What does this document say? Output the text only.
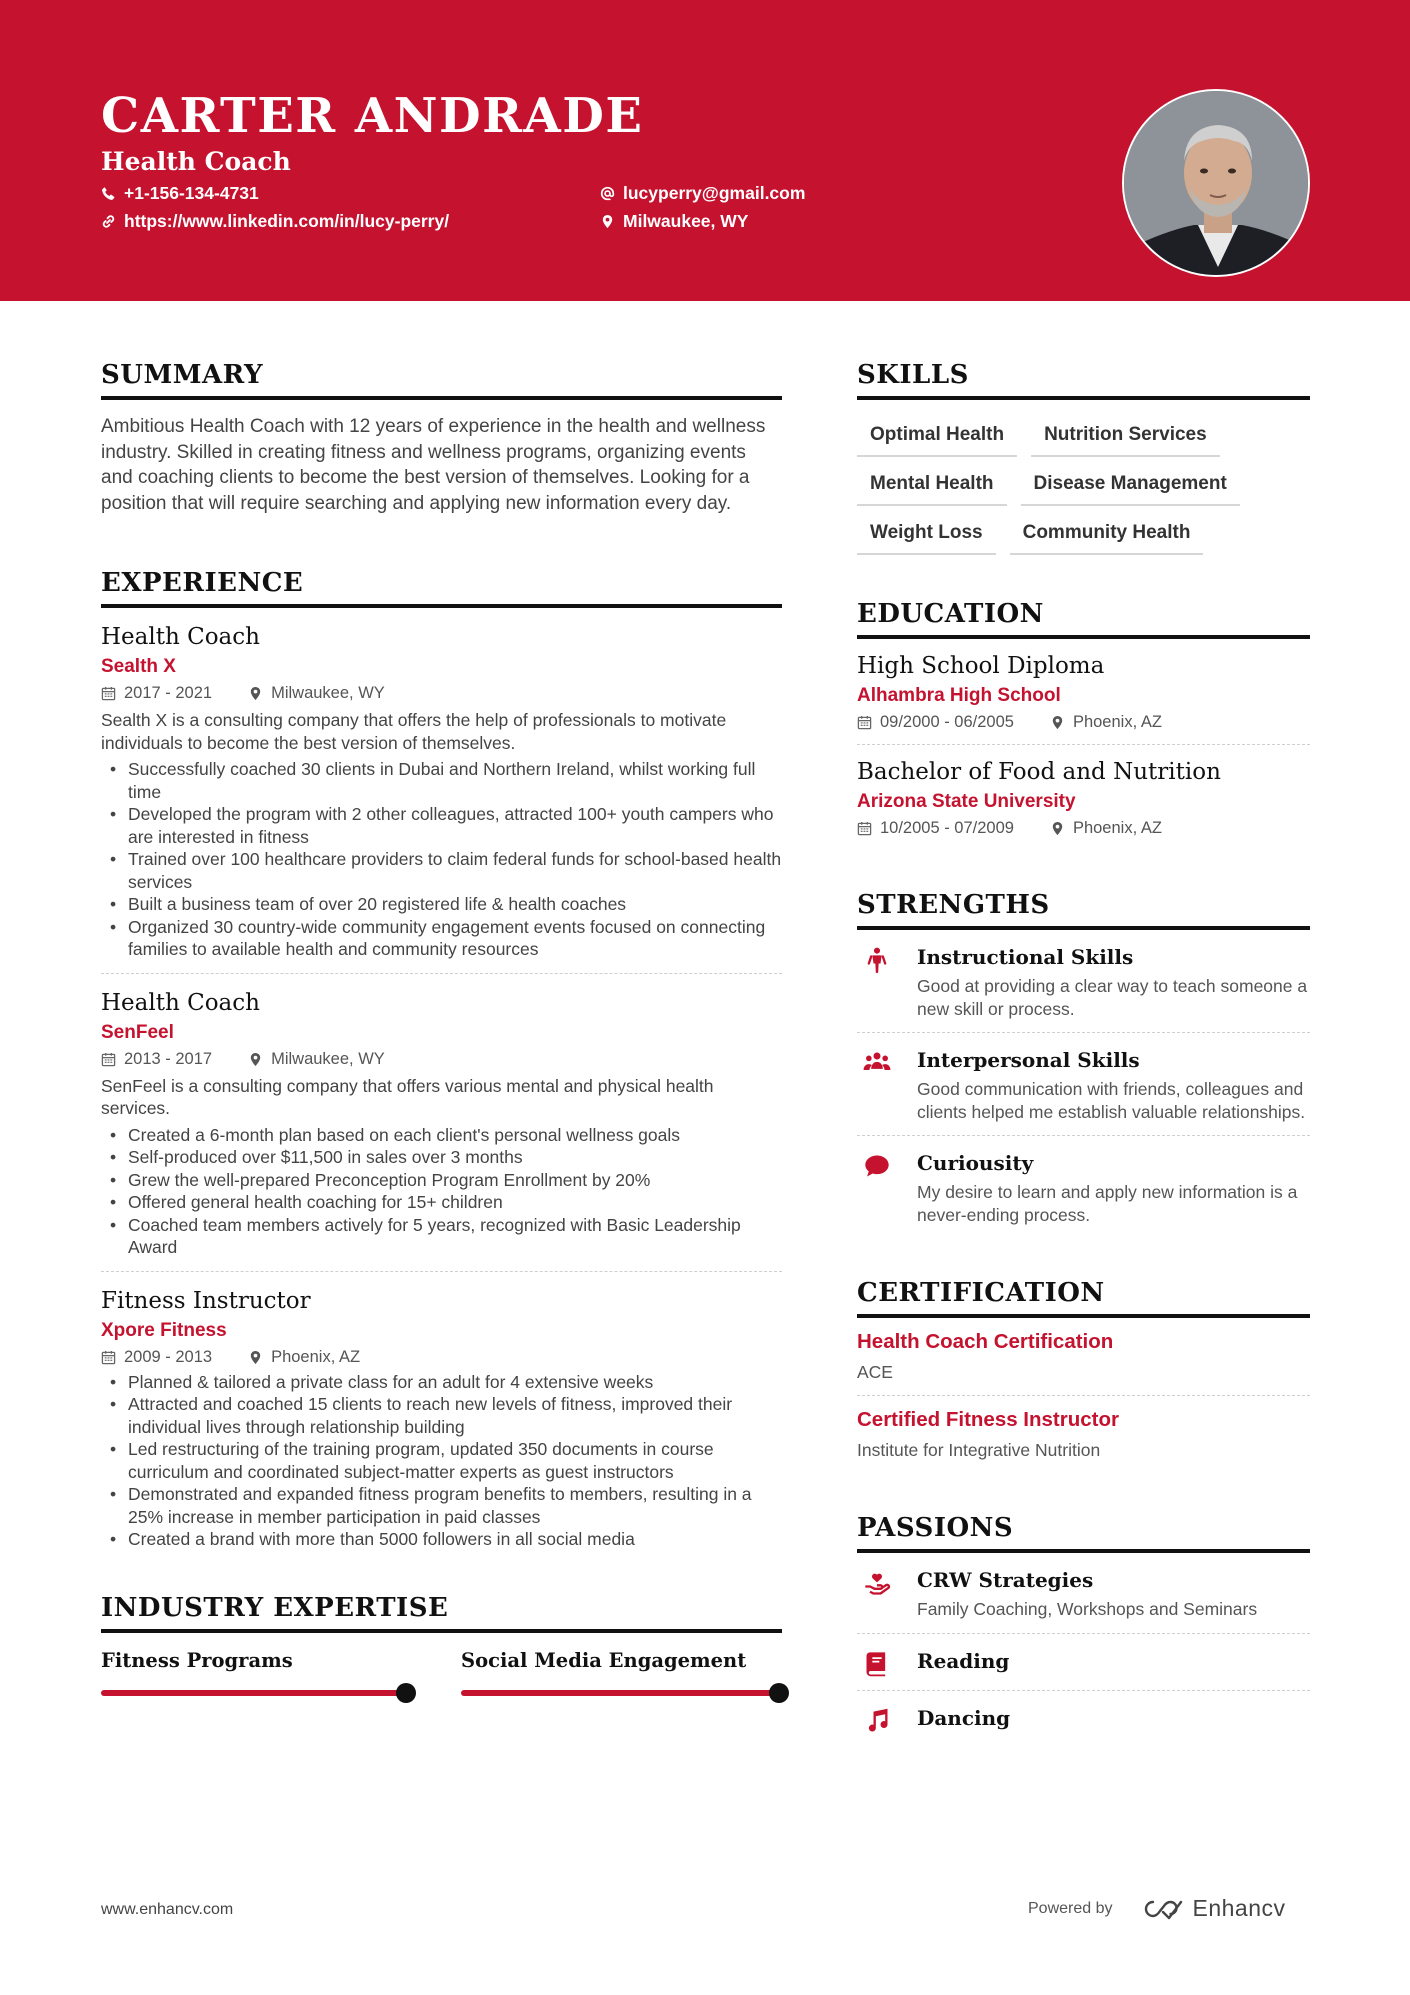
CARTER ANDRADE
Health Coach
+1-156-134-4731
https://www.linkedin.com/in/lucy-perry/
lucyperry@gmail.com
Milwaukee, WY
SUMMARY
Ambitious Health Coach with 12 years of experience in the health and wellness industry. Skilled in creating fitness and wellness programs, organizing events and coaching clients to become the best version of themselves. Looking for a position that will require searching and applying new information every day.
EXPERIENCE
Health Coach
Sealth X
2017 - 2021	Milwaukee, WY
Sealth X is a consulting company that offers the help of professionals to motivate individuals to become the best version of themselves.
• Successfully coached 30 clients in Dubai and Northern Ireland, whilst working full time
• Developed the program with 2 other colleagues, attracted 100+ youth campers who are interested in fitness
• Trained over 100 healthcare providers to claim federal funds for school-based health services
• Built a business team of over 20 registered life & health coaches
• Organized 30 country-wide community engagement events focused on connecting families to available health and community resources
Health Coach
SenFeel
2013 - 2017	Milwaukee, WY
SenFeel is a consulting company that offers various mental and physical health services.
• Created a 6-month plan based on each client's personal wellness goals
• Self-produced over $11,500 in sales over 3 months
• Grew the well-prepared Preconception Program Enrollment by 20%
• Offered general health coaching for 15+ children
• Coached team members actively for 5 years, recognized with Basic Leadership Award
Fitness Instructor
Xpore Fitness
2009 - 2013	Phoenix, AZ
• Planned & tailored a private class for an adult for 4 extensive weeks
• Attracted and coached 15 clients to reach new levels of fitness, improved their individual lives through relationship building
• Led restructuring of the training program, updated 350 documents in course curriculum and coordinated subject-matter experts as guest instructors
• Demonstrated and expanded fitness program benefits to members, resulting in a 25% increase in member participation in paid classes
• Created a brand with more than 5000 followers in all social media
INDUSTRY EXPERTISE
Fitness Programs	Social Media Engagement
SKILLS
Optimal Health	Nutrition Services
Mental Health	Disease Management
Weight Loss	Community Health
EDUCATION
High School Diploma
Alhambra High School
09/2000 - 06/2005	Phoenix, AZ
Bachelor of Food and Nutrition
Arizona State University
10/2005 - 07/2009	Phoenix, AZ
STRENGTHS
Instructional Skills
Good at providing a clear way to teach someone a new skill or process.
Interpersonal Skills
Good communication with friends, colleagues and clients helped me establish valuable relationships.
Curiousity
My desire to learn and apply new information is a never-ending process.
CERTIFICATION
Health Coach Certification
ACE
Certified Fitness Instructor
Institute for Integrative Nutrition
PASSIONS
CRW Strategies
Family Coaching, Workshops and Seminars
Reading
Dancing
www.enhancv.com	Powered by	Enhancv
